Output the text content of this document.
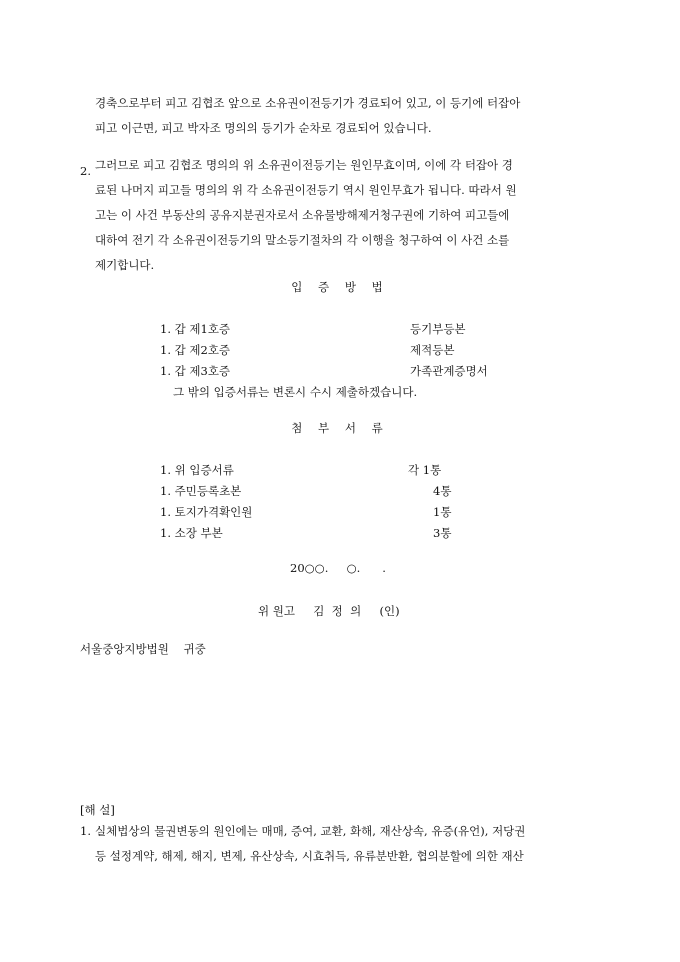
경축으로부터 피고 김협조 앞으로 소유권이전등기가 경료되어 있고, 이 등기에 터잡아
피고 이근면, 피고 박자조 명의의 등기가 순차로 경료되어 있습니다.
2. 그러므로 피고 김협조 명의의 위 소유권이전등기는 원인무효이며, 이에 각 터잡아 경
료된 나머지 피고들 명의의 위 각 소유권이전등기 역시 원인무효가 됩니다. 따라서 원
고는 이 사건 부동산의 공유지분권자로서 소유물방해제거청구권에 기하여 피고들에
대하여 전기 각 소유권이전등기의 말소등기절차의 각 이행을 청구하여 이 사건 소를
제기합니다.
입 증 방 법
1. 갑 제1호증	등기부등본
1. 갑 제2호증	제적등본
1. 갑 제3호증	가족관계증명서
그 밖의 입증서류는 변론시 수시 제출하겠습니다.
첨 부 서 류
1. 위 입증서류	각 1통
1. 주민등록초본	4통
1. 토지가격확인원	1통
1. 소장 부본	3통
20○○.     ○.      .
위 원고     김  정  의     (인)
서울중앙지방법원    귀중
[해 설]
1. 실체법상의 물권변동의 원인에는 매매, 증여, 교환, 화해, 재산상속, 유증(유언), 저당권
등 설정계약, 해제, 해지, 변제, 유산상속, 시효취득, 유류분반환, 협의분할에 의한 재산
